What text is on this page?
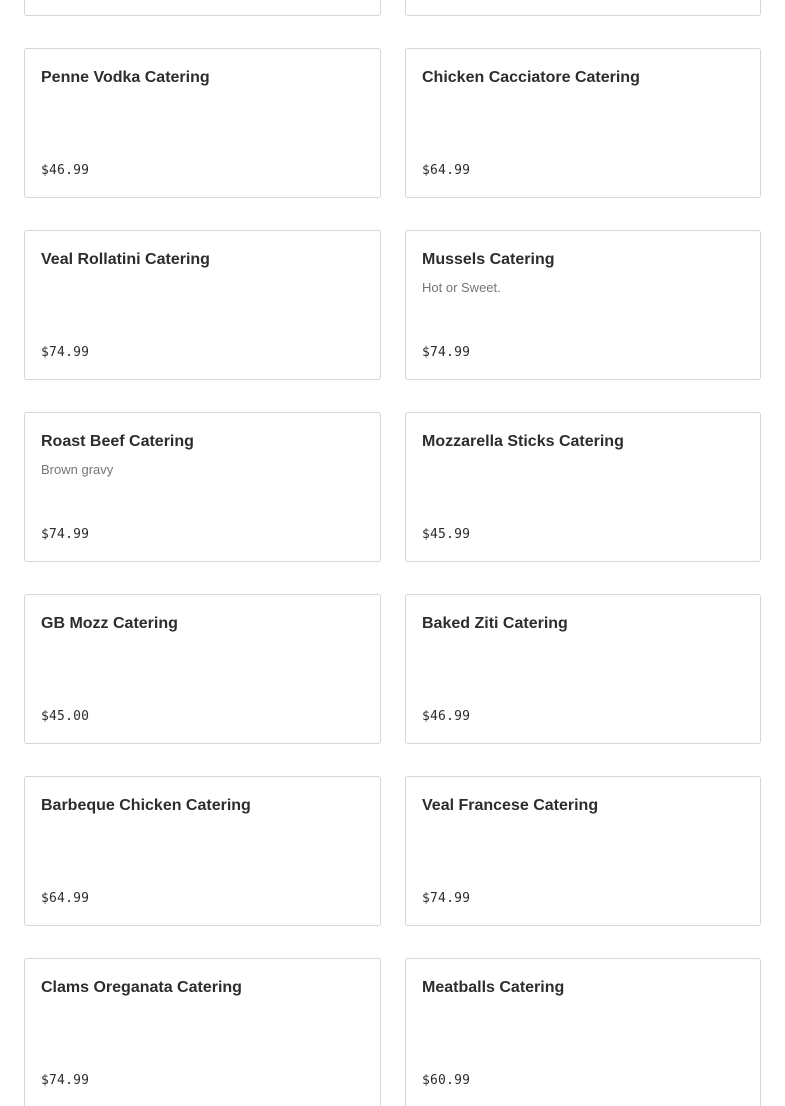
Penne Vodka Catering
$46.99
Chicken Cacciatore Catering
$64.99
Veal Rollatini Catering
$74.99
Mussels Catering
Hot or Sweet.
$74.99
Roast Beef Catering
Brown gravy
$74.99
Mozzarella Sticks Catering
$45.99
GB Mozz Catering
$45.00
Baked Ziti Catering
$46.99
Barbeque Chicken Catering
$64.99
Veal Francese Catering
$74.99
Clams Oreganata Catering
$74.99
Meatballs Catering
$60.99
